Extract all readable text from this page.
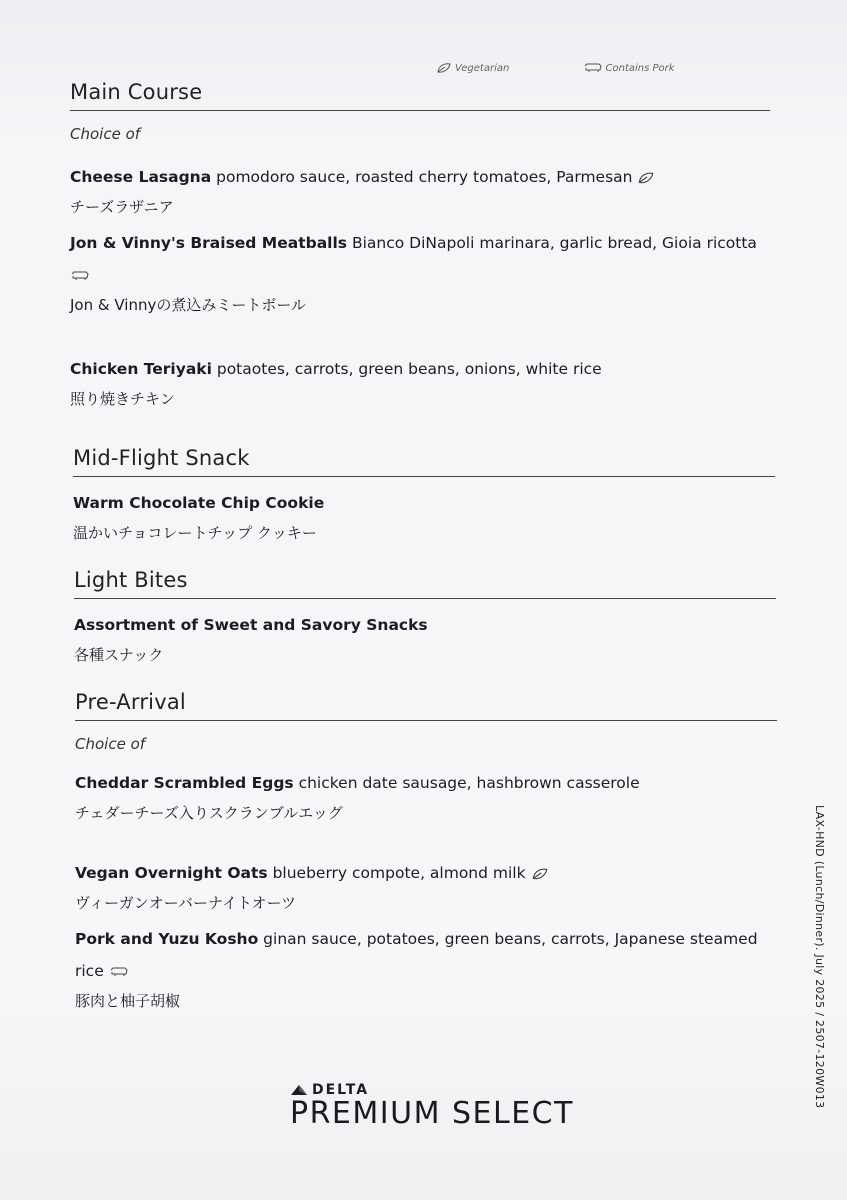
Vegetarian	Contains Pork
Main Course
Choice of
Cheese Lasagna pomodoro sauce, roasted cherry tomatoes, Parmesan
チーズラザニア
Jon & Vinny's Braised Meatballs Bianco DiNapoli marinara, garlic bread, Gioia ricotta
Jon & Vinnyの煮込みミートボール
Chicken Teriyaki potaotes, carrots, green beans, onions, white rice
照り焼きチキン
Mid-Flight Snack
Warm Chocolate Chip Cookie
温かいチョコレートチップ クッキー
Light Bites
Assortment of Sweet and Savory Snacks
各種スナック
Pre-Arrival
Choice of
Cheddar Scrambled Eggs chicken date sausage, hashbrown casserole
チェダーチーズ入りスクランブルエッグ
Vegan Overnight Oats blueberry compote, almond milk
ヴィーガンオーバーナイトオーツ
Pork and Yuzu Kosho ginan sauce, potatoes, green beans, carrots, Japanese steamed rice
豚肉と柚子胡椒	LAX-HND (Lunch/Dinner). July 2025 / 2507-120W013
DELTA
PREMIUM SELECT
